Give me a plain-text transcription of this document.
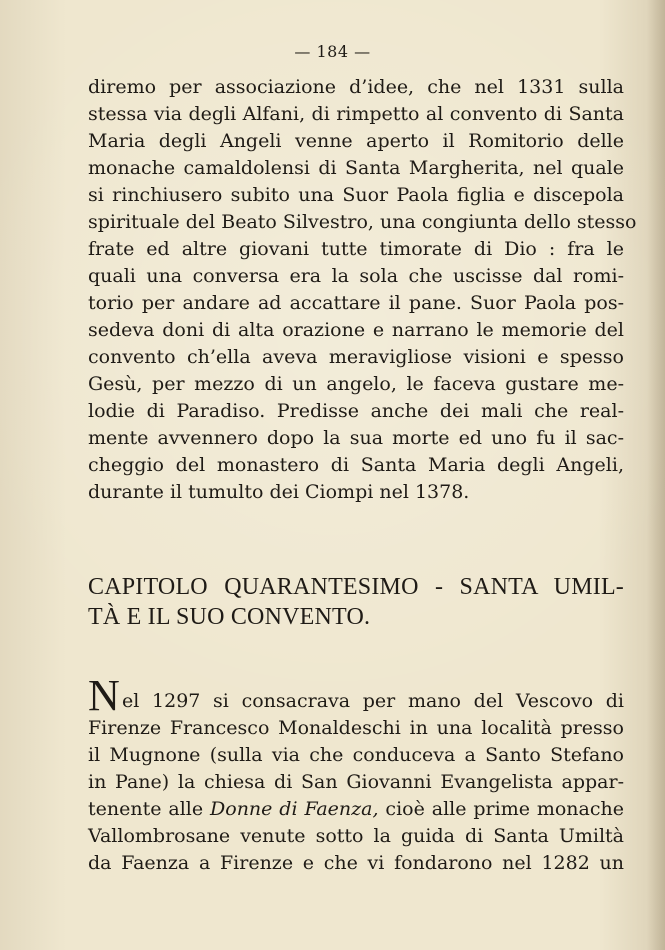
— 184 —
diremo per associazione d’idee, che nel 1331 sulla
stessa via degli Alfani, di rimpetto al convento di Santa
Maria degli Angeli venne aperto il Romitorio delle
monache camaldolensi di Santa Margherita, nel quale
si rinchiusero subito una Suor Paola figlia e discepola
spirituale del Beato Silvestro, una congiunta dello stesso
frate ed altre giovani tutte timorate di Dio : fra le
quali una conversa era la sola che uscisse dal romi-
torio per andare ad accattare il pane. Suor Paola pos-
sedeva doni di alta orazione e narrano le memorie del
convento ch’ella aveva meravigliose visioni e spesso
Gesù, per mezzo di un angelo, le faceva gustare me-
lodie di Paradiso. Predisse anche dei mali che real-
mente avvennero dopo la sua morte ed uno fu il sac-
cheggio del monastero di Santa Maria degli Angeli,
durante il tumulto dei Ciompi nel 1378.
CAPITOLO QUARANTESIMO - SANTA UMIL-
TÀ E IL SUO CONVENTO.
N el 1297 si consacrava per mano del Vescovo di
Firenze Francesco Monaldeschi in una località presso
il Mugnone (sulla via che conduceva a Santo Stefano
in Pane) la chiesa di San Giovanni Evangelista appar-
tenente alle Donne di Faenza, cioè alle prime monache
Vallombrosane venute sotto la guida di Santa Umiltà
da Faenza a Firenze e che vi fondarono nel 1282 un
